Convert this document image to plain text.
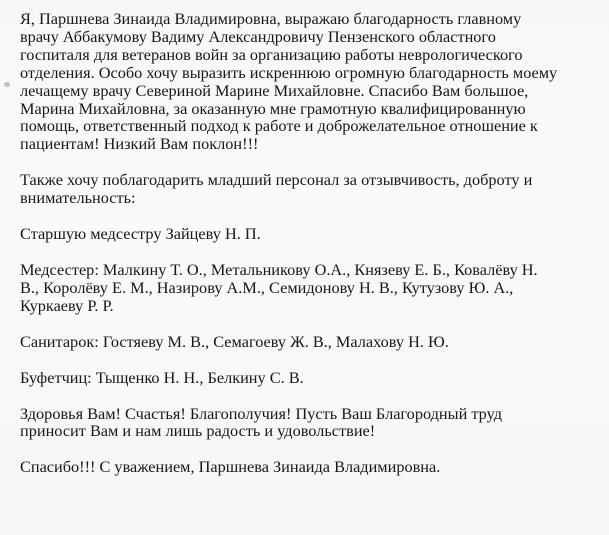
Я, Паршнева Зинаида Владимировна, выражаю благодарность главному
врачу Аббакумову Вадиму Александровичу Пензенского областного
госпиталя для ветеранов войн за организацию работы неврологического
отделения. Особо хочу выразить искреннюю огромную благодарность моему
лечащему врачу Севериной Марине Михайловне. Спасибо Вам большое,
Марина Михайловна, за оказанную мне грамотную квалифицированную
помощь, ответственный подход к работе и доброжелательное отношение к
пациентам! Низкий Вам поклон!!!

Также хочу поблагодарить младший персонал за отзывчивость, доброту и
внимательность:

Старшую медсестру Зайцеву Н. П.

Медсестер: Малкину Т. О., Метальникову О.А., Князеву Е. Б., Ковалёву Н.
В., Королёву Е. М., Назирову А.М., Семидонову Н. В., Кутузову Ю. А.,
Куркаеву Р. Р.

Санитарок: Гостяеву М. В., Семагоеву Ж. В., Малахову Н. Ю.

Буфетчиц: Тыщенко Н. Н., Белкину С. В.

Здоровья Вам! Счастья! Благополучия! Пусть Ваш Благородный труд
приносит Вам и нам лишь радость и удовольствие!

Спасибо!!! С уважением, Паршнева Зинаида Владимировна.
